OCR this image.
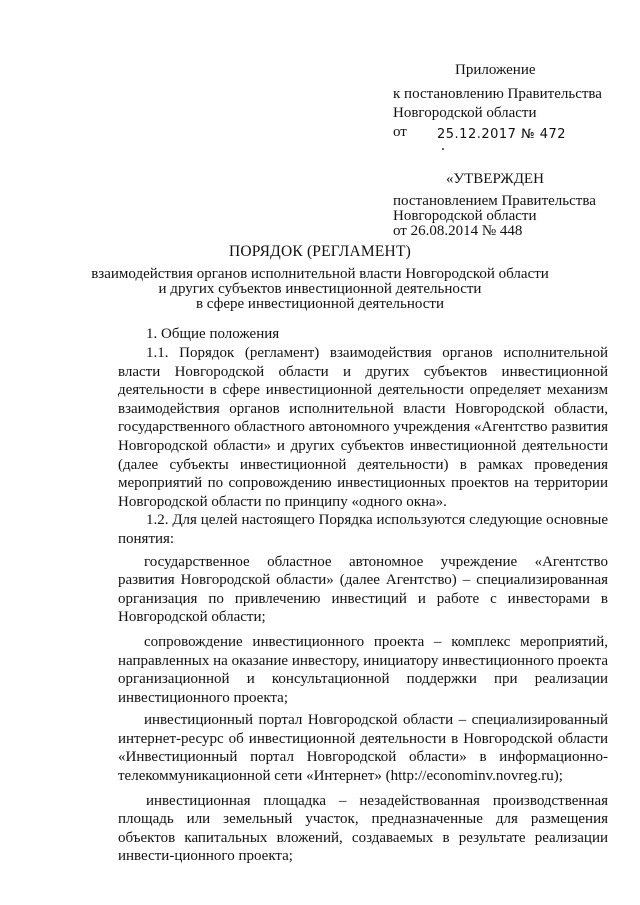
Приложение
к постановлению Правительства
Новгородской области
от 25.12.2017 № 472
«УТВЕРЖДЕН
постановлением Правительства
Новгородской области
от 26.08.2014 № 448
ПОРЯДОК (РЕГЛАМЕНТ)
взаимодействия органов исполнительной власти Новгородской области
и других субъектов инвестиционной деятельности
в сфере инвестиционной деятельности
1. Общие положения

1.1. Порядок (регламент) взаимодействия органов исполнительной власти Новгородской области и других субъектов инвестиционной деятельности в сфере инвестиционной деятельности определяет механизм взаимодействия органов исполнительной власти Новгородской области, государственного областного автономного учреждения «Агентство развития Новгородской области» и других субъектов инвестиционной деятельности (далее субъекты инвестиционной деятельности) в рамках проведения мероприятий по сопровождению инвестиционных проектов на территории Новгородской области по принципу «одного окна».

1.2. Для целей настоящего Порядка используются следующие основные понятия:

государственное областное автономное учреждение «Агентство развития Новгородской области» (далее Агентство) – специализированная организация по привлечению инвестиций и работе с инвесторами в Новгородской области;

сопровождение инвестиционного проекта – комплекс мероприятий, направленных на оказание инвестору, инициатору инвестиционного проекта организационной и консультационной поддержки при реализации инвестиционного проекта;

инвестиционный портал Новгородской области – специализированный интернет-ресурс об инвестиционной деятельности в Новгородской области «Инвестиционный портал Новгородской области» в информационно-телекоммуникационной сети «Интернет» (http://econominv.novreg.ru);

инвестиционная площадка – незадействованная производственная площадь или земельный участок, предназначенные для размещения объектов капитальных вложений, создаваемых в результате реализации инвести-ционного проекта;
